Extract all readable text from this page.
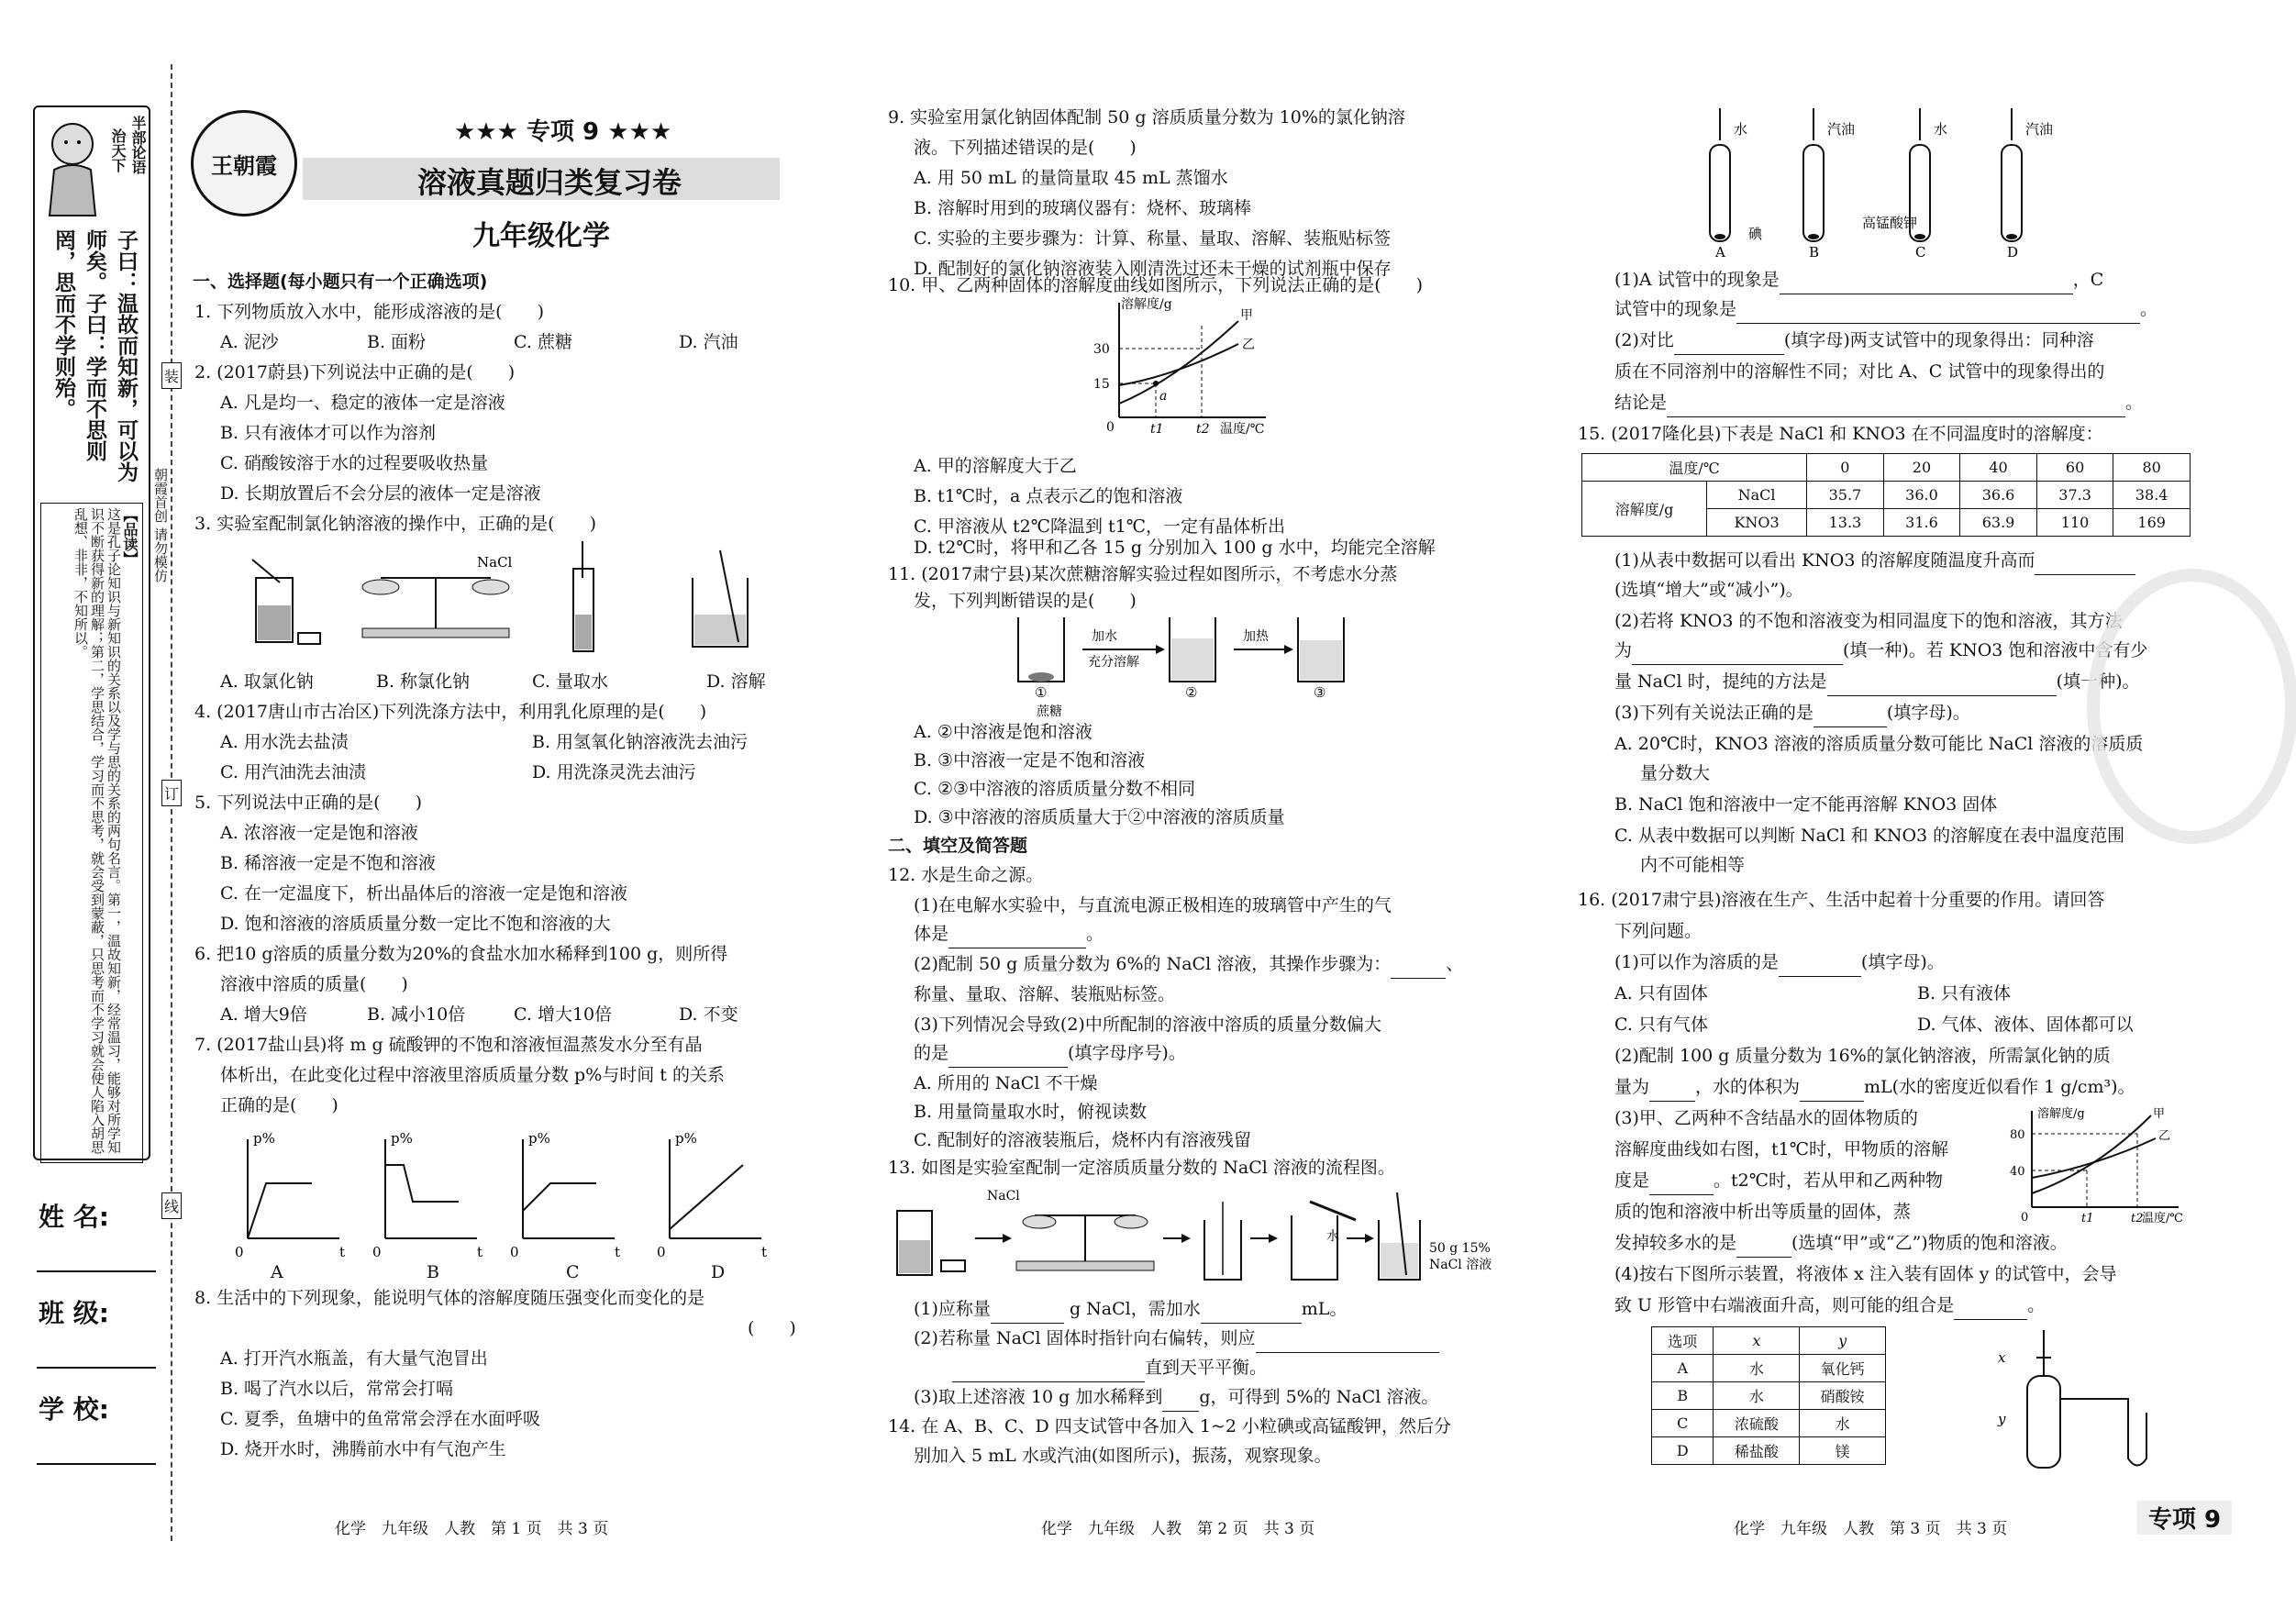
半部论语
治天下
子曰：温故而知新，可以为师矣。子曰：学而不思则罔，思而不学则殆。
【品读】
这是孔子论知识与新知识的关系以及学与思的关系的两句名言。第一，温故知新，经常温习，能够对所学知识不断获得新的理解；第二，学思结合，学习而不思考，就会受到蒙蔽，只思考而不学习就会使人陷入胡思乱想、非非，不知所以。
姓 名:
班 级:
学 校:
装
订
线
朝霞首创 请勿模仿
王朝霞
★★★ 专项 9 ★★★
溶液真题归类复习卷
九年级化学
一、选择题(每小题只有一个正确选项)
1. 下列物质放入水中，能形成溶液的是(　　)
A. 泥沙	B. 面粉	C. 蔗糖	D. 汽油
2. (2017蔚县)下列说法中正确的是(　　)
A. 凡是均一、稳定的液体一定是溶液
B. 只有液体才可以作为溶剂
C. 硝酸铵溶于水的过程要吸收热量
D. 长期放置后不会分层的液体一定是溶液
3. 实验室配制氯化钠溶液的操作中，正确的是(　　)
NaCl
A. 取氯化钠	B. 称氯化钠	C. 量取水	D. 溶解
4. (2017唐山市古冶区)下列洗涤方法中，利用乳化原理的是(　　)
A. 用水洗去盐渍	B. 用氢氧化钠溶液洗去油污
C. 用汽油洗去油渍	D. 用洗涤灵洗去油污
5. 下列说法中正确的是(　　)
A. 浓溶液一定是饱和溶液
B. 稀溶液一定是不饱和溶液
C. 在一定温度下，析出晶体后的溶液一定是饱和溶液
D. 饱和溶液的溶质质量分数一定比不饱和溶液的大
6. 把10 g溶质的质量分数为20%的食盐水加水稀释到100 g，则所得
溶液中溶质的质量(　　)
A. 增大9倍	B. 减小10倍	C. 增大10倍	D. 不变
7. (2017盐山县)将 m g 硫酸钾的不饱和溶液恒温蒸发水分至有晶
体析出，在此变化过程中溶液里溶质质量分数 p%与时间 t 的关系
正确的是(　　)
p%
t
0
p%
t
0
p%
t
0
p%
t
0
A	B	C	D
8. 生活中的下列现象，能说明气体的溶解度随压强变化而变化的是
(　　)
A. 打开汽水瓶盖，有大量气泡冒出
B. 喝了汽水以后，常常会打嗝
C. 夏季，鱼塘中的鱼常常会浮在水面呼吸
D. 烧开水时，沸腾前水中有气泡产生
9. 实验室用氯化钠固体配制 50 g 溶质质量分数为 10%的氯化钠溶
液。下列描述错误的是(　　)
A. 用 50 mL 的量筒量取 45 mL 蒸馏水
B. 溶解时用到的玻璃仪器有：烧杯、玻璃棒
C. 实验的主要步骤为：计算、称量、量取、溶解、装瓶贴标签
D. 配制好的氯化钠溶液装入刚清洗过还未干燥的试剂瓶中保存
10. 甲、乙两种固体的溶解度曲线如图所示，下列说法正确的是(　　)
溶解度/g
温度/℃
30
15
0	t1	t2
甲
乙
a
A. 甲的溶解度大于乙
B. t1℃时，a 点表示乙的饱和溶液
C. 甲溶液从 t2℃降温到 t1℃，一定有晶体析出
D. t2℃时，将甲和乙各 15 g 分别加入 100 g 水中，均能完全溶解
11. (2017肃宁县)某次蔗糖溶解实验过程如图所示，不考虑水分蒸
发，下列判断错误的是(　　)
加水
充分溶解
加热
蔗糖
①	②	③
A. ②中溶液是饱和溶液
B. ③中溶液一定是不饱和溶液
C. ②③中溶液的溶质质量分数不相同
D. ③中溶液的溶质质量大于②中溶液的溶质质量
二、填空及简答题
12. 水是生命之源。
(1)在电解水实验中，与直流电源正极相连的玻璃管中产生的气
体是	。
(2)配制 50 g 质量分数为 6%的 NaCl 溶液，其操作步骤为：	、
称量、量取、溶解、装瓶贴标签。
(3)下列情况会导致(2)中所配制的溶液中溶质的质量分数偏大
的是	(填字母序号)。
A. 所用的 NaCl 不干燥
B. 用量筒量取水时，俯视读数
C. 配制好的溶液装瓶后，烧杯内有溶液残留
13. 如图是实验室配制一定溶质质量分数的 NaCl 溶液的流程图。
NaCl
水
50 g 15%
NaCl 溶液
(1)应称量	g NaCl，需加水	mL。
(2)若称量 NaCl 固体时指针向右偏转，则应
直到天平平衡。
(3)取上述溶液 10 g 加水稀释到 g，可得到 5%的 NaCl 溶液。
14. 在 A、B、C、D 四支试管中各加入 1~2 小粒碘或高锰酸钾，然后分
别加入 5 mL 水或汽油(如图所示)，振荡，观察现象。
水	汽油	水	汽油
碘
高锰酸钾
A	B	C	D
(1)A 试管中的现象是	，C
试管中的现象是	。
(2)对比	(填字母)两支试管中的现象得出：同种溶
质在不同溶剂中的溶解性不同；对比 A、C 试管中的现象得出的
结论是	。
15. (2017隆化县)下表是 NaCl 和 KNO3 在不同温度时的溶解度：
温度/℃		0	20	40	60	80
溶解度/g	NaCl	35.7	36.0	36.6	37.3	38.4
	KNO3	13.3	31.6	63.9	110	169
(1)从表中数据可以看出 KNO3 的溶解度随温度升高而
(选填“增大”或“减小”)。
(2)若将 KNO3 的不饱和溶液变为相同温度下的饱和溶液，其方法
为	(填一种)。若 KNO3 饱和溶液中含有少
量 NaCl 时，提纯的方法是	(填一种)。
(3)下列有关说法正确的是	(填字母)。
A. 20℃时，KNO3 溶液的溶质质量分数可能比 NaCl 溶液的溶质质
量分数大
B. NaCl 饱和溶液中一定不能再溶解 KNO3 固体
C. 从表中数据可以判断 NaCl 和 KNO3 的溶解度在表中温度范围
内不可能相等
16. (2017肃宁县)溶液在生产、生活中起着十分重要的作用。请回答
下列问题。
(1)可以作为溶质的是	(填字母)。
A. 只有固体	B. 只有液体
C. 只有气体	D. 气体、液体、固体都可以
(2)配制 100 g 质量分数为 16%的氯化钠溶液，所需氯化钠的质
量为	，水的体积为	mL(水的密度近似看作 1 g/cm³)。
(3)甲、乙两种不含结晶水的固体物质的
溶解度曲线如右图，t1℃时，甲物质的溶解
度是	。t2℃时，若从甲和乙两种物
质的饱和溶液中析出等质量的固体，蒸
发掉较多水的是	(选填“甲”或“乙”)物质的饱和溶液。
溶解度/g
温度/℃
80
40
0	t1	t2
甲
乙
(4)按右下图所示装置，将液体 x 注入装有固体 y 的试管中，会导
致 U 形管中右端液面升高，则可能的组合是	。
选项	x	y
A	水	氧化钙
B	水	硝酸铵
C	浓硫酸	水
D	稀盐酸	镁
x
y
化学　九年级　人教　第 1 页　共 3 页	化学　九年级　人教　第 2 页　共 3 页	化学　九年级　人教　第 3 页　共 3 页	专项 9
